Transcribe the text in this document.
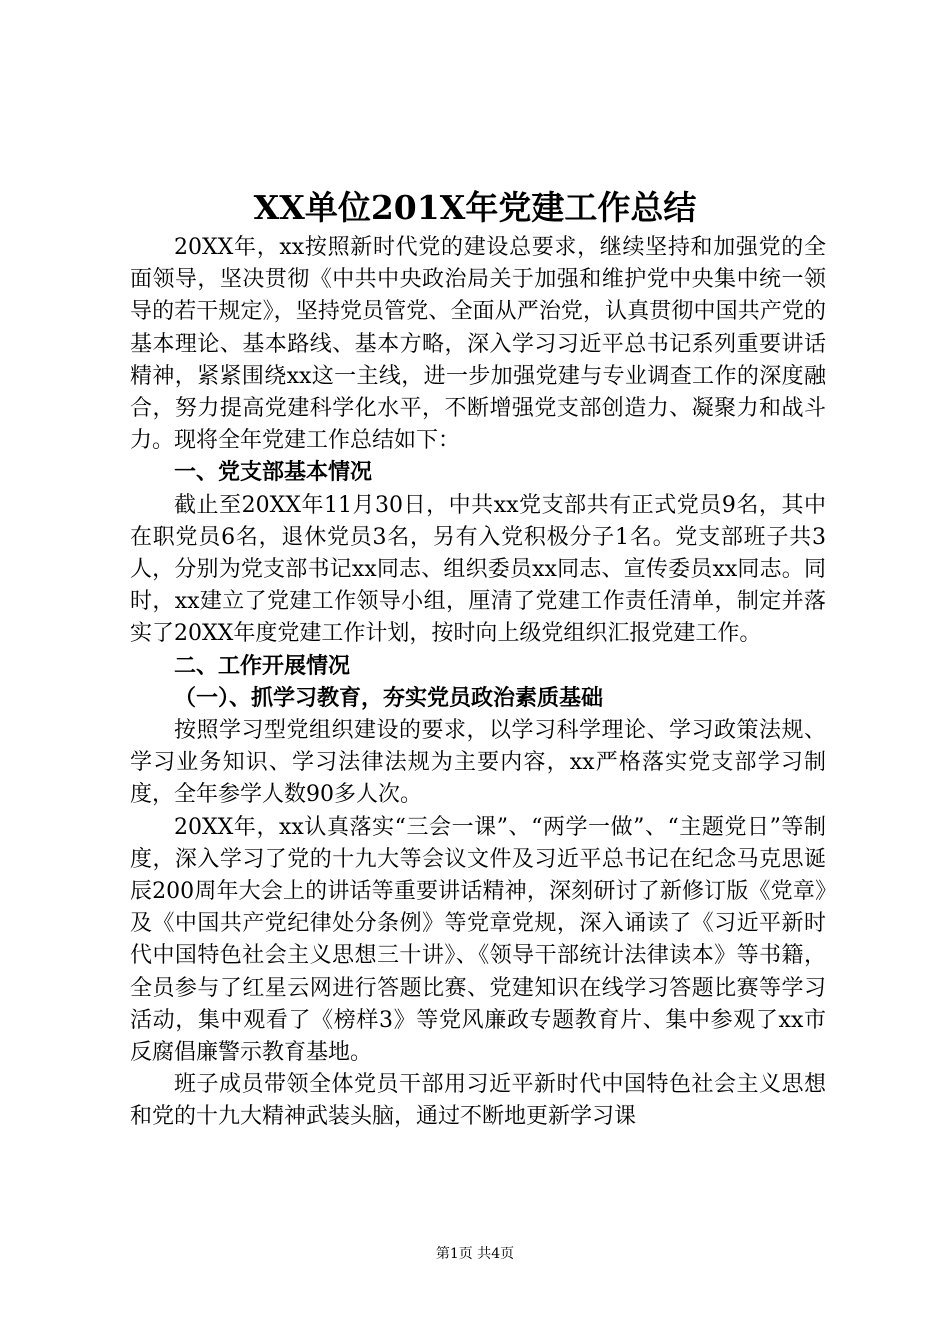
XX单位201X年党建工作总结

20XX年，xx按照新时代党的建设总要求，继续坚持和加强党的全面领导，坚决贯彻《中共中央政治局关于加强和维护党中央集中统一领导的若干规定》，坚持党员管党、全面从严治党，认真贯彻中国共产党的基本理论、基本路线、基本方略，深入学习习近平总书记系列重要讲话精神，紧紧围绕xx这一主线，进一步加强党建与专业调查工作的深度融合，努力提高党建科学化水平，不断增强党支部创造力、凝聚力和战斗力。现将全年党建工作总结如下：

一、党支部基本情况

截止至20XX年11月30日，中共xx党支部共有正式党员9名，其中在职党员6名，退休党员3名，另有入党积极分子1名。党支部班子共3人，分别为党支部书记xx同志、组织委员xx同志、宣传委员xx同志。同时，xx建立了党建工作领导小组，厘清了党建工作责任清单，制定并落实了20XX年度党建工作计划，按时向上级党组织汇报党建工作。

二、工作开展情况
（一）、抓学习教育，夯实党员政治素质基础

按照学习型党组织建设的要求，以学习科学理论、学习政策法规、学习业务知识、学习法律法规为主要内容，xx严格落实党支部学习制度，全年参学人数90多人次。

20XX年，xx认真落实“三会一课”、“两学一做”、“主题党日”等制度，深入学习了党的十九大等会议文件及习近平总书记在纪念马克思诞辰200周年大会上的讲话等重要讲话精神，深刻研讨了新修订版《党章》及《中国共产党纪律处分条例》等党章党规，深入诵读了《习近平新时代中国特色社会主义思想三十讲》、《领导干部统计法律读本》等书籍，全员参与了红星云网进行答题比赛、党建知识在线学习答题比赛等学习活动，集中观看了《榜样3》等党风廉政专题教育片、集中参观了xx市反腐倡廉警示教育基地。

班子成员带领全体党员干部用习近平新时代中国特色社会主义思想和党的十九大精神武装头脑，通过不断地更新学习课

第1页 共4页
